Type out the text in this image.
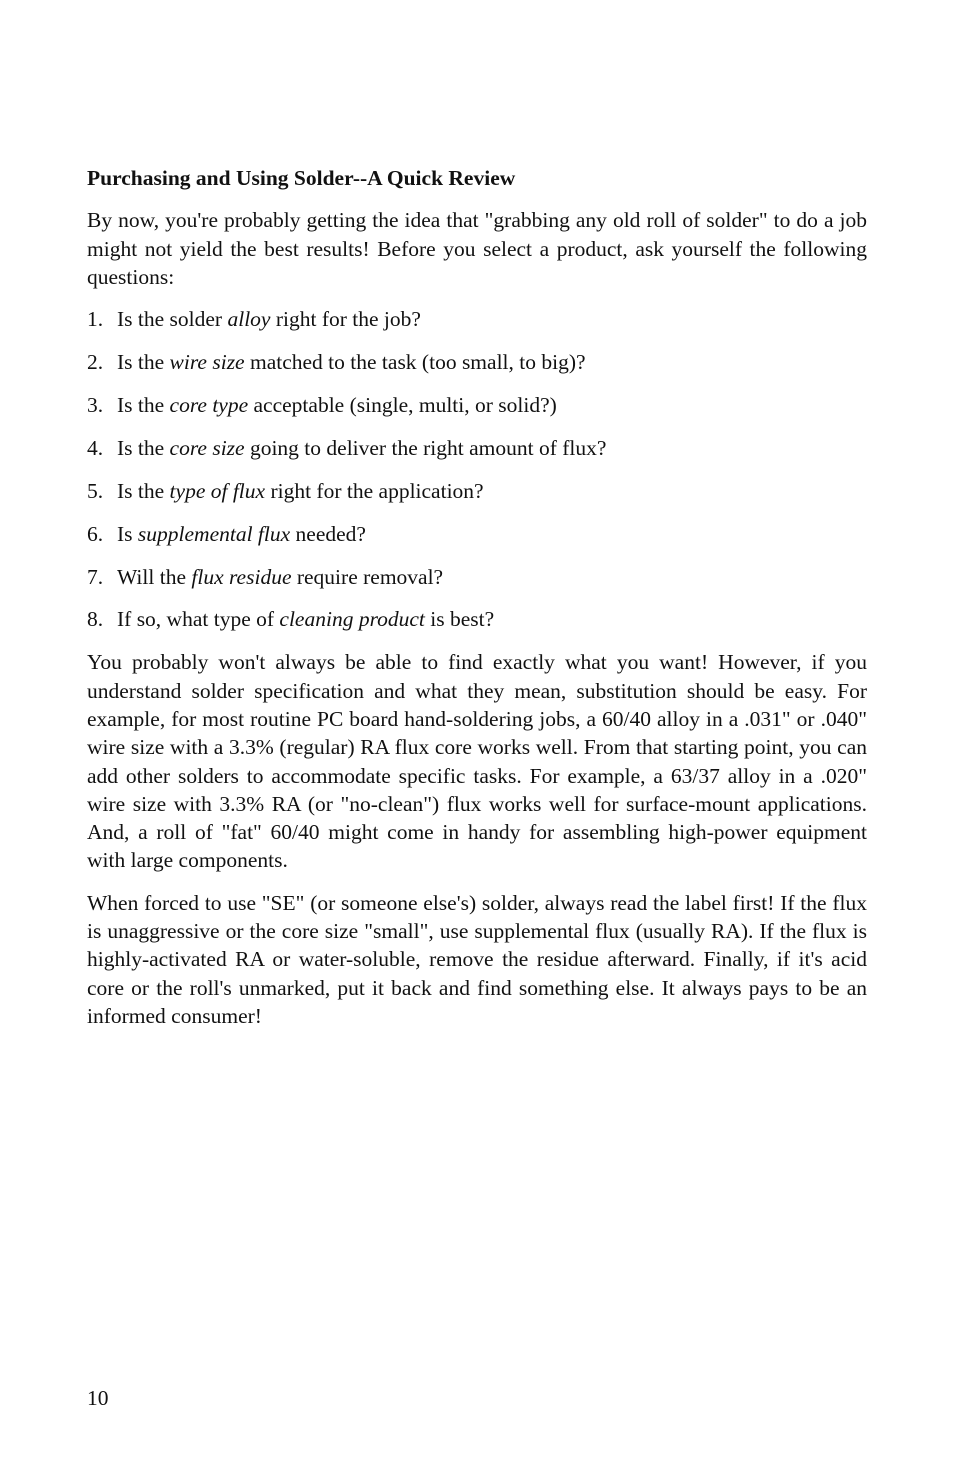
Purchasing and Using Solder--A Quick Review

By now, you're probably getting the idea that "grabbing any old roll of solder" to do a job might not yield the best results! Before you select a product, ask yourself the following questions:

1. Is the solder alloy right for the job?
2. Is the wire size matched to the task (too small, to big)?
3. Is the core type acceptable (single, multi, or solid?)
4. Is the core size going to deliver the right amount of flux?
5. Is the type of flux right for the application?
6. Is supplemental flux needed?
7. Will the flux residue require removal?
8. If so, what type of cleaning product is best?

You probably won't always be able to find exactly what you want! However, if you understand solder specification and what they mean, substitution should be easy. For example, for most routine PC board hand-soldering jobs, a 60/40 alloy in a .031" or .040" wire size with a 3.3% (regular) RA flux core works well. From that starting point, you can add other solders to accommodate specific tasks. For example, a 63/37 alloy in a .020" wire size with 3.3% RA (or "no-clean") flux works well for surface-mount applications. And, a roll of "fat" 60/40 might come in handy for assembling high-power equipment with large components.

When forced to use "SE" (or someone else's) solder, always read the label first! If the flux is unaggressive or the core size "small", use supplemental flux (usually RA). If the flux is highly-activated RA or water-soluble, remove the residue afterward. Finally, if it's acid core or the roll's unmarked, put it back and find something else. It always pays to be an informed consumer!

10
